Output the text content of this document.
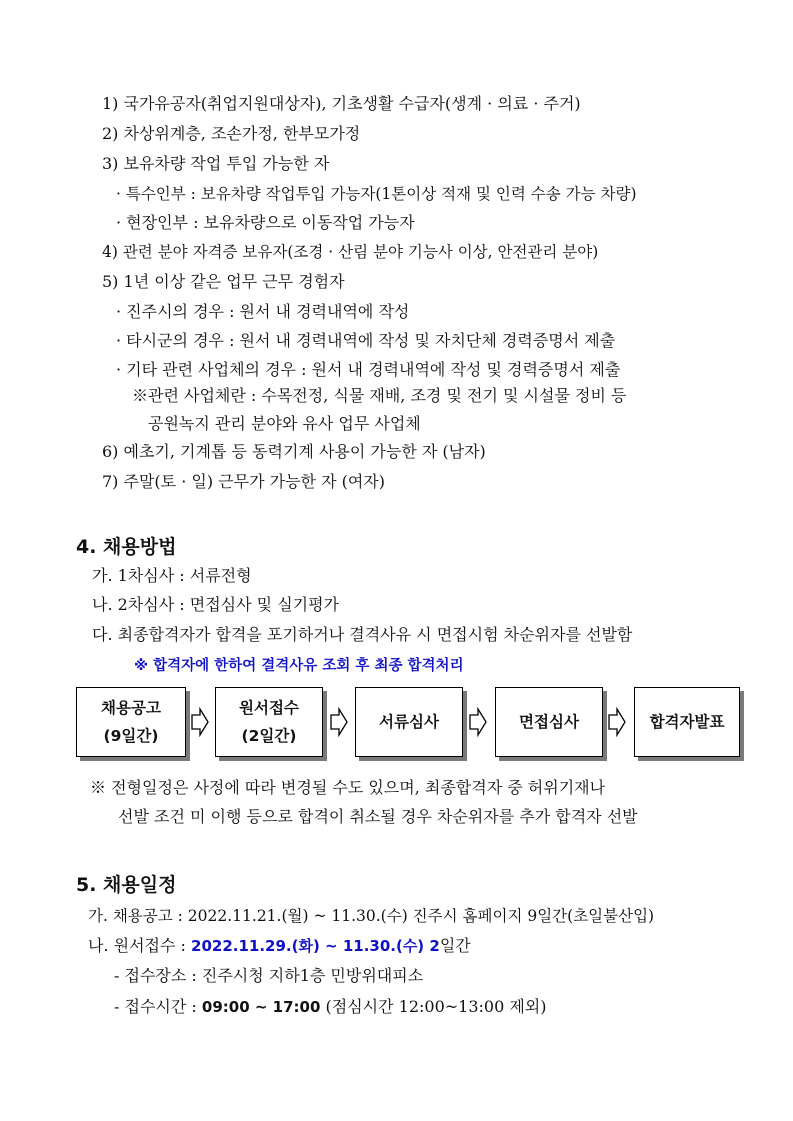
1) 국가유공자(취업지원대상자), 기초생활 수급자(생계 · 의료 · 주거)
2) 차상위계층, 조손가정, 한부모가정
3) 보유차량 작업 투입 가능한 자
· 특수인부 : 보유차량 작업투입 가능자(1톤이상 적재 및 인력 수송 가능 차량)
· 현장인부 : 보유차량으로 이동작업 가능자
4) 관련 분야 자격증 보유자(조경 · 산림 분야 기능사 이상, 안전관리 분야)
5) 1년 이상 같은 업무 근무 경험자
· 진주시의 경우 : 원서 내 경력내역에 작성
· 타시군의 경우 : 원서 내 경력내역에 작성 및 자치단체 경력증명서 제출
· 기타 관련 사업체의 경우 : 원서 내 경력내역에 작성 및 경력증명서 제출
※관련 사업체란 : 수목전정, 식물 재배, 조경 및 전기 및 시설물 정비 등
공원녹지 관리 분야와 유사 업무 사업체
6) 예초기, 기계톱 등 동력기계 사용이 가능한 자 (남자)
7) 주말(토 · 일) 근무가 가능한 자 (여자)
4. 채용방법
가. 1차심사 : 서류전형
나. 2차심사 : 면접심사 및 실기평가
다. 최종합격자가 합격을 포기하거나 결격사유 시 면접시험 차순위자를 선발함
※ 합격자에 한하여 결격사유 조회 후 최종 합격처리
채용공고
(9일간)
원서접수
(2일간)
서류심사	면접심사	합격자발표
※ 전형일정은 사정에 따라 변경될 수도 있으며, 최종합격자 중 허위기재나
선발 조건 미 이행 등으로 합격이 취소될 경우 차순위자를 추가 합격자 선발
5. 채용일정
가. 채용공고 : 2022.11.21.(월) ~ 11.30.(수) 진주시 홈페이지 9일간(초일불산입)
나. 원서접수 : 2022.11.29.(화) ~ 11.30.(수) 2일간
- 접수장소 : 진주시청 지하1층 민방위대피소
- 접수시간 : 09:00 ~ 17:00 (점심시간 12:00~13:00 제외)
